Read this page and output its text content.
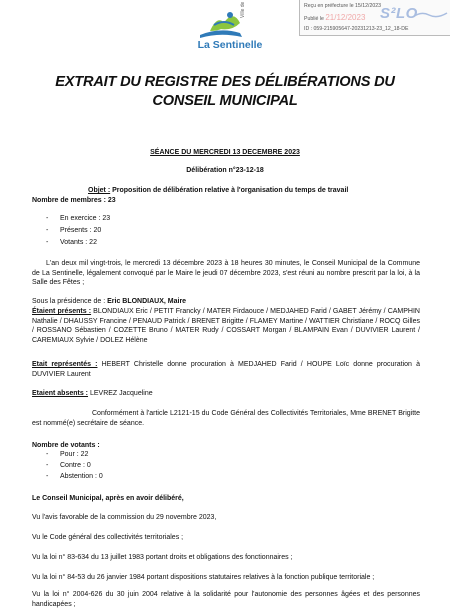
Reçu en préfecture le 15/12/2023
Publié le 21/12/2023
ID : 059-215905647-20231213-23_12_18-DE
S²LO
Ville de
La Sentinelle
EXTRAIT DU REGISTRE DES DÉLIBÉRATIONS DU CONSEIL MUNICIPAL
SÉANCE DU MERCREDI 13 DECEMBRE 2023
Délibération n°23-12-18
Objet : Proposition de délibération relative à l'organisation du temps de travail
Nombre de membres : 23
- En exercice : 23
- Présents : 20
- Votants : 22
L'an deux mil vingt-trois, le mercredi 13 décembre 2023 à 18 heures 30 minutes, le Conseil Municipal de la Commune de La Sentinelle, légalement convoqué par le Maire le jeudi 07 décembre 2023, s'est réuni au nombre prescrit par la loi, à la Salle des Fêtes ;
Sous la présidence de : Eric BLONDIAUX, Maire
Étaient présents : BLONDIAUX Eric / PETIT Francky / MATER Firdaouce / MEDJAHED Farid / GABET Jérémy / CAMPHIN Nathalie / DHAUSSY Francine / PENAUD Patrick / BRENET Brigitte / FLAMEY Martine / WATTIER Christiane / ROCQ Gilles / ROSSANO Sébastien / COZETTE Bruno / MATER Rudy / COSSART Morgan / BLAMPAIN Evan / DUVIVIER Laurent / CAREMIAUX Sylvie / DOLEZ Hélène
Etait représentés : HEBERT Christelle donne procuration à MEDJAHED Farid / HOUPE Loïc donne procuration à DUVIVIER Laurent
Etaient absents : LEVREZ Jacqueline
Conformément à l'article L2121-15 du Code Général des Collectivités Territoriales, Mme BRENET Brigitte est nommé(e) secrétaire de séance.
Nombre de votants :
- Pour : 22
- Contre : 0
- Abstention : 0
Le Conseil Municipal, après en avoir délibéré,
Vu l'avis favorable de la commission du 29 novembre 2023,
Vu le Code général des collectivités territoriales ;
Vu la loi n° 83-634 du 13 juillet 1983 portant droits et obligations des fonctionnaires ;
Vu la loi n° 84-53 du 26 janvier 1984 portant dispositions statutaires relatives à la fonction publique territoriale ;
Vu la loi n° 2004-626 du 30 juin 2004 relative à la solidarité pour l'autonomie des personnes âgées et des personnes handicapées ;
